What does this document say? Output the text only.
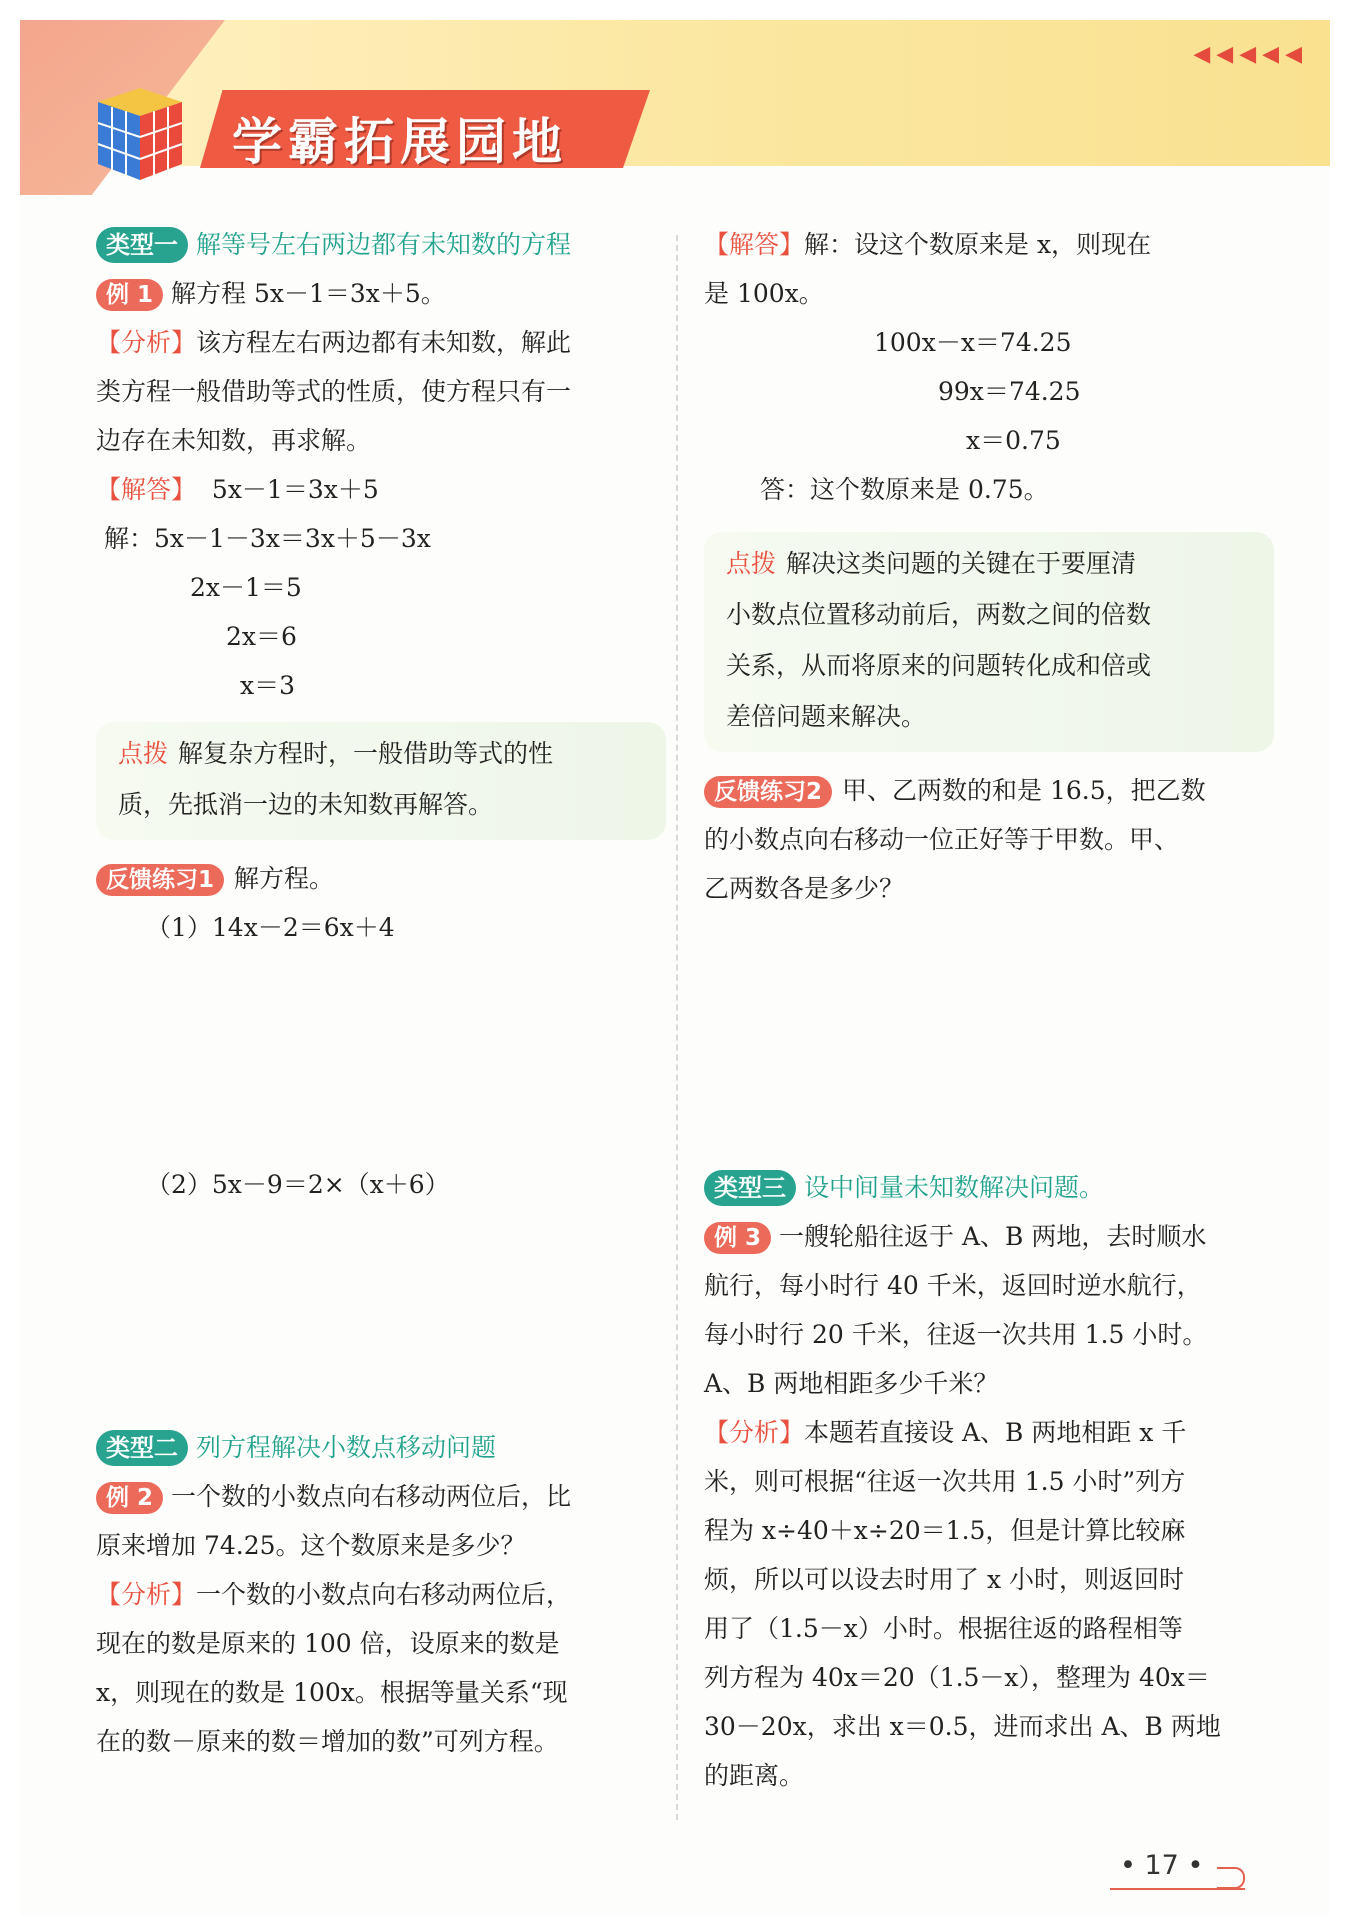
学霸拓展园地
◀◀◀◀◀
类型一 解等号左右两边都有未知数的方程
例 1 解方程 5x－1＝3x＋5。
【分析】该方程左右两边都有未知数，解此
类方程一般借助等式的性质，使方程只有一
边存在未知数，再求解。
【解答】 5x－1＝3x＋5
解：5x－1－3x＝3x＋5－3x
2x－1＝5
2x＝6
x＝3
点拨 解复杂方程时，一般借助等式的性
质，先抵消一边的未知数再解答。
反馈练习1 解方程。
（1）14x－2＝6x＋4
（2）5x－9＝2×（x＋6）
类型二 列方程解决小数点移动问题
例 2 一个数的小数点向右移动两位后，比
原来增加 74.25。这个数原来是多少？
【分析】一个数的小数点向右移动两位后，
现在的数是原来的 100 倍，设原来的数是
x，则现在的数是 100x。根据等量关系“现
在的数－原来的数＝增加的数”可列方程。
【解答】解：设这个数原来是 x，则现在
是 100x。
100x－x＝74.25
99x＝74.25
x＝0.75
答：这个数原来是 0.75。
点拨 解决这类问题的关键在于要厘清
小数点位置移动前后，两数之间的倍数
关系，从而将原来的问题转化成和倍或
差倍问题来解决。
反馈练习2 甲、乙两数的和是 16.5，把乙数
的小数点向右移动一位正好等于甲数。甲、
乙两数各是多少？
类型三 设中间量未知数解决问题。
例 3 一艘轮船往返于 A、B 两地，去时顺水
航行，每小时行 40 千米，返回时逆水航行，
每小时行 20 千米，往返一次共用 1.5 小时。
A、B 两地相距多少千米？
【分析】本题若直接设 A、B 两地相距 x 千
米，则可根据“往返一次共用 1.5 小时”列方
程为 x÷40＋x÷20＝1.5，但是计算比较麻
烦，所以可以设去时用了 x 小时，则返回时
用了（1.5－x）小时。根据往返的路程相等
列方程为 40x＝20（1.5－x），整理为 40x＝
30－20x，求出 x＝0.5，进而求出 A、B 两地
的距离。
• 17 •
